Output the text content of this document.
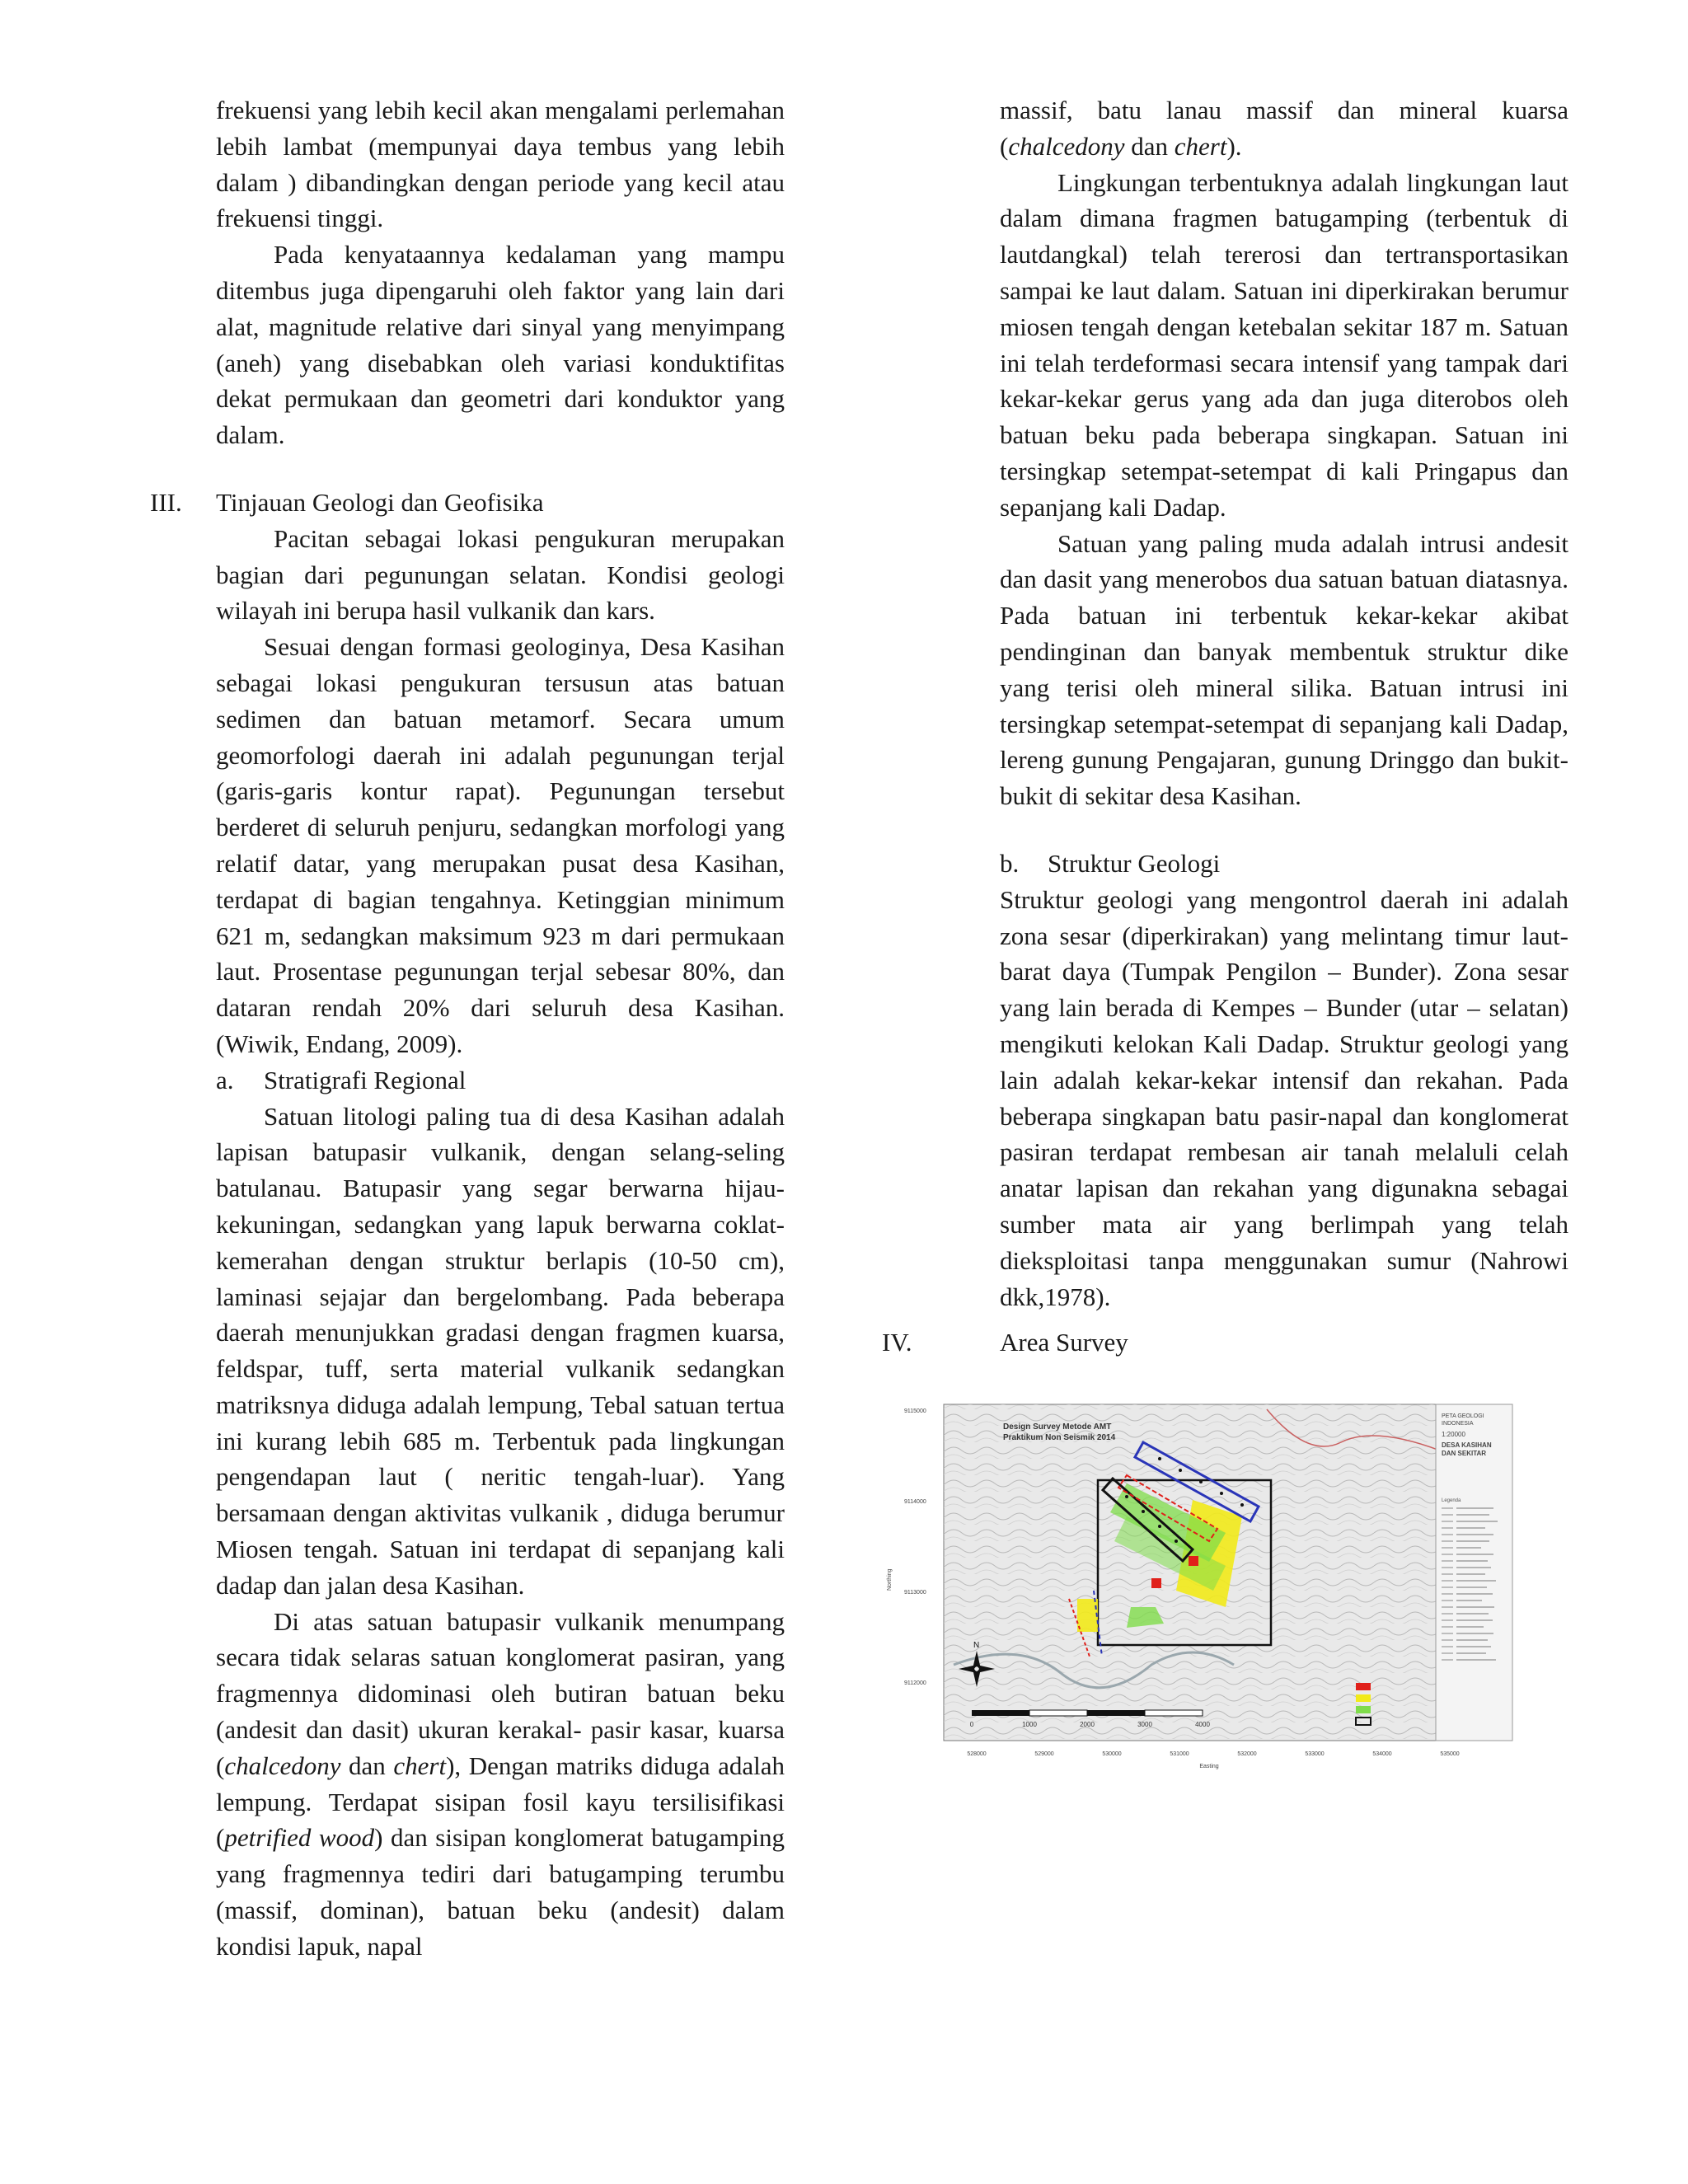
frekuensi yang lebih kecil akan mengalami perlemahan lebih lambat (mempunyai daya tembus yang lebih dalam ) dibandingkan dengan periode yang kecil atau frekuensi tinggi.

Pada kenyataannya kedalaman yang mampu ditembus juga dipengaruhi oleh faktor yang lain dari alat, magnitude relative dari sinyal yang menyimpang (aneh) yang disebabkan oleh variasi konduktifitas dekat permukaan dan geometri dari konduktor yang dalam.

III. Tinjauan Geologi dan Geofisika

Pacitan sebagai lokasi pengukuran merupakan bagian dari pegunungan selatan. Kondisi geologi wilayah ini berupa hasil vulkanik dan kars.

Sesuai dengan formasi geologinya, Desa Kasihan sebagai lokasi pengukuran tersusun atas batuan sedimen dan batuan metamorf. Secara umum geomorfologi daerah ini adalah pegunungan terjal (garis-garis kontur rapat). Pegunungan tersebut berderet di seluruh penjuru, sedangkan morfologi yang relatif datar, yang merupakan pusat desa Kasihan, terdapat di bagian tengahnya. Ketinggian minimum 621 m, sedangkan maksimum 923 m dari permukaan laut. Prosentase pegunungan terjal sebesar 80%, dan dataran rendah 20% dari seluruh desa Kasihan. (Wiwik, Endang, 2009).

a. Stratigrafi Regional

Satuan litologi paling tua di desa Kasihan adalah lapisan batupasir vulkanik, dengan selang-seling batulanau. Batupasir yang segar berwarna hijau-kekuningan, sedangkan yang lapuk berwarna coklat-kemerahan dengan struktur berlapis (10-50 cm), laminasi sejajar dan bergelombang. Pada beberapa daerah menunjukkan gradasi dengan fragmen kuarsa, feldspar, tuff, serta material vulkanik sedangkan matriksnya diduga adalah lempung, Tebal satuan tertua ini kurang lebih 685 m. Terbentuk pada lingkungan pengendapan laut ( neritic tengah-luar). Yang bersamaan dengan aktivitas vulkanik , diduga berumur Miosen tengah. Satuan ini terdapat di sepanjang kali dadap dan jalan desa Kasihan.

Di atas satuan batupasir vulkanik menumpang secara tidak selaras satuan konglomerat pasiran, yang fragmennya didominasi oleh butiran batuan beku (andesit dan dasit) ukuran kerakal- pasir kasar, kuarsa (chalcedony dan chert), Dengan matriks diduga adalah lempung. Terdapat sisipan fosil kayu tersilisifikasi (petrified wood) dan sisipan konglomerat batugamping yang fragmennya tediri dari batugamping terumbu (massif, dominan), batuan beku (andesit) dalam kondisi lapuk, napal

massif, batu lanau massif dan mineral kuarsa (chalcedony dan chert).

Lingkungan terbentuknya adalah lingkungan laut dalam dimana fragmen batugamping (terbentuk di lautdangkal) telah tererosi dan tertransportasikan sampai ke laut dalam. Satuan ini diperkirakan berumur miosen tengah dengan ketebalan sekitar 187 m. Satuan ini telah terdeformasi secara intensif yang tampak dari kekar-kekar gerus yang ada dan juga diterobos oleh batuan beku pada beberapa singkapan. Satuan ini tersingkap setempat-setempat di kali Pringapus dan sepanjang kali Dadap.

Satuan yang paling muda adalah intrusi andesit dan dasit yang menerobos dua satuan batuan diatasnya. Pada batuan ini terbentuk kekar-kekar akibat pendinginan dan banyak membentuk struktur dike yang terisi oleh mineral silika. Batuan intrusi ini tersingkap setempat-setempat di sepanjang kali Dadap, lereng gunung Pengajaran, gunung Dringgo dan bukit-bukit di sekitar desa Kasihan.

b. Struktur Geologi

Struktur geologi yang mengontrol daerah ini adalah zona sesar (diperkirakan) yang melintang timur laut- barat daya (Tumpak Pengilon – Bunder). Zona sesar yang lain berada di Kempes – Bunder (utar – selatan) mengikuti kelokan Kali Dadap. Struktur geologi yang lain adalah kekar-kekar intensif dan rekahan. Pada beberapa singkapan batu pasir-napal dan konglomerat pasiran terdapat rembesan air tanah melaluli celah anatar lapisan dan rekahan yang digunakna sebagai sumber mata air yang berlimpah yang telah dieksploitasi tanpa menggunakan sumur (Nahrowi dkk,1978).

IV.	Area Survey

PETA GEOLOGI
INDONESIA
1:20000
DESA KASIHAN
DAN SEKITAR
Legenda
Design Survey Metode AMT
Praktikum Non Seismik 2014
N
0	1000	2000	3000	4000
528000	529000	530000	531000	532000	533000	534000	535000
Easting
9115000
9114000
9113000
9112000
Northing
